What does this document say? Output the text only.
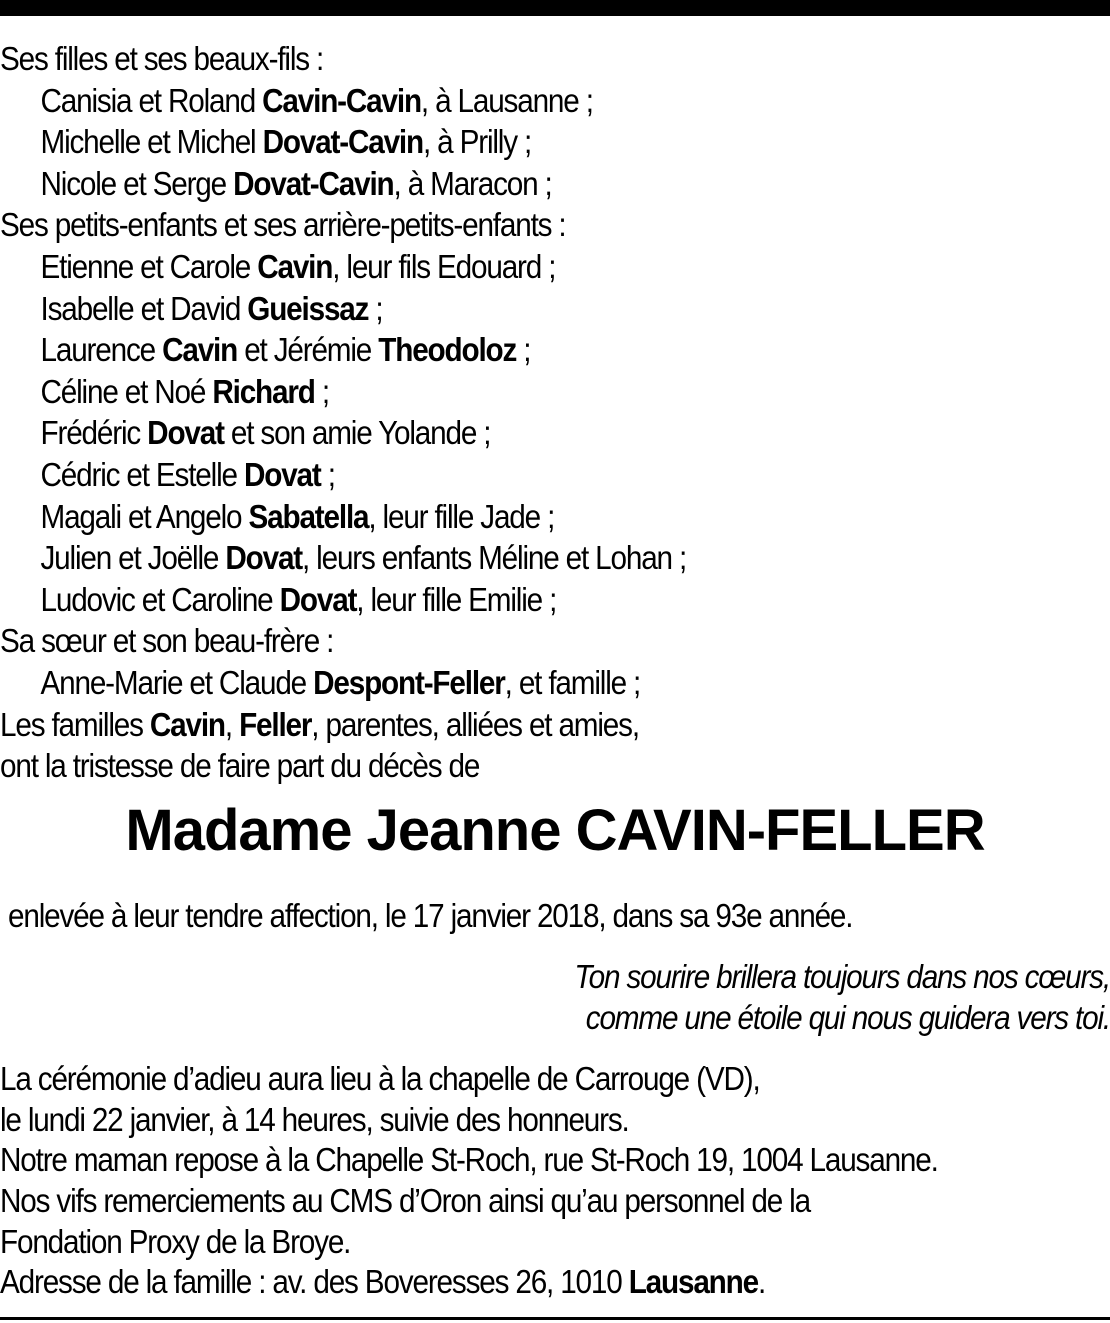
Ses filles et ses beaux-fils :
Canisia et Roland Cavin-Cavin, à Lausanne ;
Michelle et Michel Dovat-Cavin, à Prilly ;
Nicole et Serge Dovat-Cavin, à Maracon ;
Ses petits-enfants et ses arrière-petits-enfants :
Etienne et Carole Cavin, leur fils Edouard ;
Isabelle et David Gueissaz ;
Laurence Cavin et Jérémie Theodoloz ;
Céline et Noé Richard ;
Frédéric Dovat et son amie Yolande ;
Cédric et Estelle Dovat ;
Magali et Angelo Sabatella, leur fille Jade ;
Julien et Joëlle Dovat, leurs enfants Méline et Lohan ;
Ludovic et Caroline Dovat, leur fille Emilie ;
Sa sœur et son beau-frère :
Anne-Marie et Claude Despont-Feller, et famille ;
Les familles Cavin, Feller, parentes, alliées et amies,
ont la tristesse de faire part du décès de
Madame Jeanne CAVIN-FELLER
enlevée à leur tendre affection, le 17 janvier 2018, dans sa 93e année.
Ton sourire brillera toujours dans nos cœurs,
comme une étoile qui nous guidera vers toi.
La cérémonie d’adieu aura lieu à la chapelle de Carrouge (VD),
le lundi 22 janvier, à 14 heures, suivie des honneurs.
Notre maman repose à la Chapelle St-Roch, rue St-Roch 19, 1004 Lausanne.
Nos vifs remerciements au CMS d’Oron ainsi qu’au personnel de la
Fondation Proxy de la Broye.
Adresse de la famille : av. des Boveresses 26, 1010 Lausanne.
